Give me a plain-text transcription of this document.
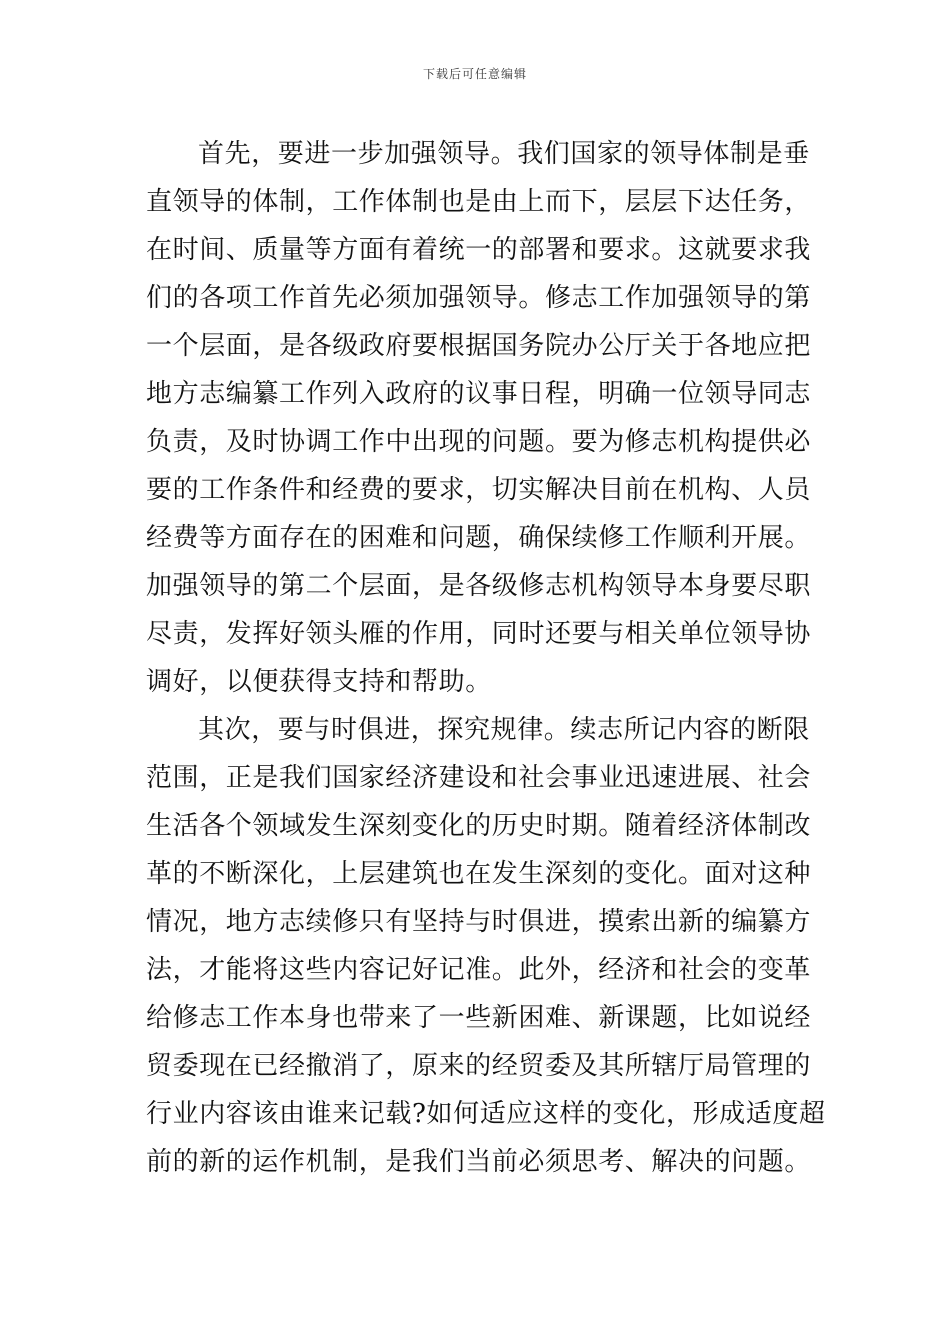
下载后可任意编辑
首先，要进一步加强领导。我们国家的领导体制是垂
直领导的体制，工作体制也是由上而下，层层下达任务，
在时间、质量等方面有着统一的部署和要求。这就要求我
们的各项工作首先必须加强领导。修志工作加强领导的第
一个层面，是各级政府要根据国务院办公厅关于各地应把
地方志编纂工作列入政府的议事日程，明确一位领导同志
负责，及时协调工作中出现的问题。要为修志机构提供必
要的工作条件和经费的要求，切实解决目前在机构、人员
经费等方面存在的困难和问题，确保续修工作顺利开展。
加强领导的第二个层面，是各级修志机构领导本身要尽职
尽责，发挥好领头雁的作用，同时还要与相关单位领导协
调好，以便获得支持和帮助。
其次，要与时俱进，探究规律。续志所记内容的断限
范围，正是我们国家经济建设和社会事业迅速进展、社会
生活各个领域发生深刻变化的历史时期。随着经济体制改
革的不断深化，上层建筑也在发生深刻的变化。面对这种
情况，地方志续修只有坚持与时俱进，摸索出新的编纂方
法，才能将这些内容记好记准。此外，经济和社会的变革
给修志工作本身也带来了一些新困难、新课题，比如说经
贸委现在已经撤消了，原来的经贸委及其所辖厅局管理的
行业内容该由谁来记载?如何适应这样的变化，形成适度超
前的新的运作机制，是我们当前必须思考、解决的问题。
